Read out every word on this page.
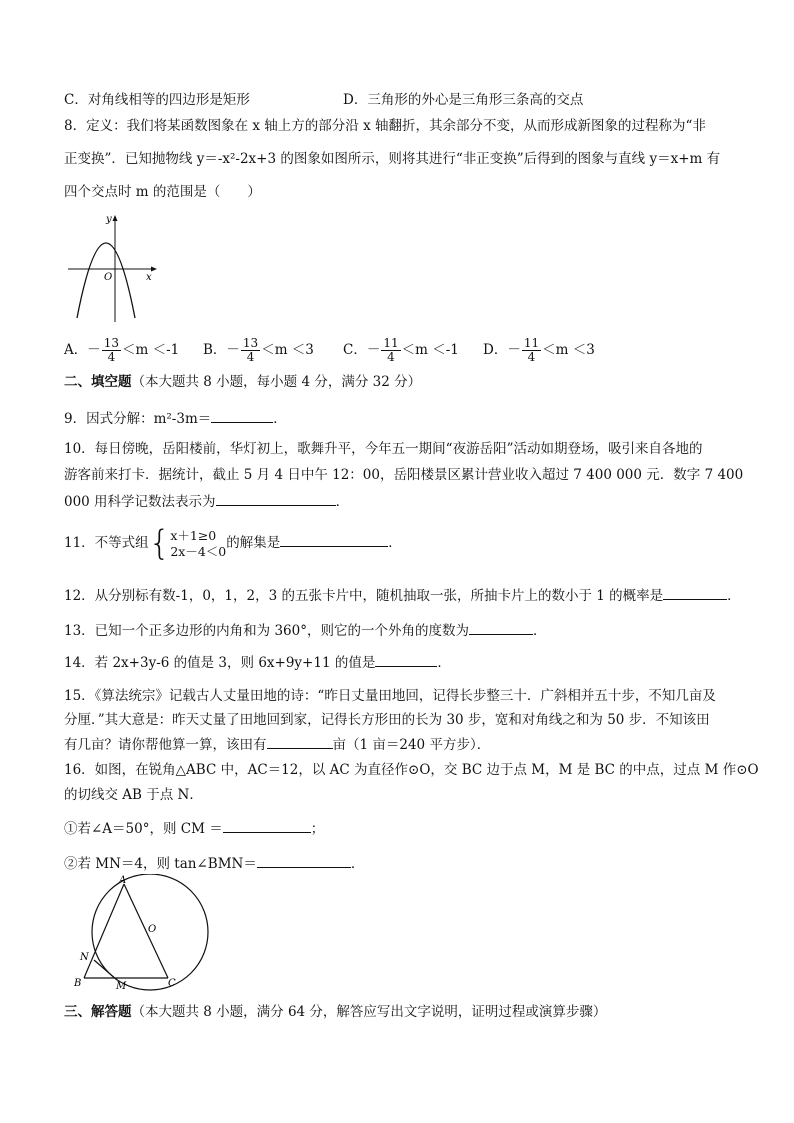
C．对角线相等的四边形是矩形	D．三角形的外心是三角形三条高的交点
8．定义：我们将某函数图象在 x 轴上方的部分沿 x 轴翻折，其余部分不变，从而形成新图象的过程称为“非
正变换”．已知抛物线 y＝-x²-2x+3 的图象如图所示，则将其进行“非正变换”后得到的图象与直线 y＝x+m 有
四个交点时 m 的范围是（　　）
y
O	x
A．－ $\frac{13}{4} <m <-1$ B．－ $\frac{13}{4} <m <3$ C．－ $\frac{11}{4} <m <-1$ D．－ $\frac{11}{4} <m <3$
二、填空题（本大题共 8 小题，每小题 4 分，满分 32 分）
9．因式分解：m²-3m＝	．
10．每日傍晚，岳阳楼前，华灯初上，歌舞升平，今年五一期间“夜游岳阳”活动如期登场，吸引来自各地的
游客前来打卡．据统计，截止 5 月 4 日中午 12：00，岳阳楼景区累计营业收入超过 7 400 000 元．数字 7 400
000 用科学记数法表示为	．
11．不等式组{ x＋1≥0
2x－4＜0 的解集是	．
12．从分别标有数-1，0，1，2，3 的五张卡片中，随机抽取一张，所抽卡片上的数小于 1 的概率是	．
13．已知一个正多边形的内角和为 360°，则它的一个外角的度数为	．
14．若 2x+3y-6 的值是 3，则 6x+9y+11 的值是	．
15．《算法统宗》记载古人丈量田地的诗：“昨日丈量田地回，记得长步整三十．广斜相并五十步，不知几亩及
分厘．”其大意是：昨天丈量了田地回到家，记得长方形田的长为 30 步，宽和对角线之和为 50 步．不知该田
有几亩？请你帮他算一算，该田有	亩（1 亩＝240 平方步）．
16．如图，在锐角△ABC 中，AC＝12，以 AC 为直径作⊙O，交 BC 边于点 M，M 是 BC 的中点，过点 M 作⊙O
的切线交 AB 于点 N．
①若∠A＝50°，则 CM ＝	；
②若 MN＝4，则 tan∠BMN＝	．
A
O
N
B	M	C
三、解答题（本大题共 8 小题，满分 64 分，解答应写出文字说明，证明过程或演算步骤）
